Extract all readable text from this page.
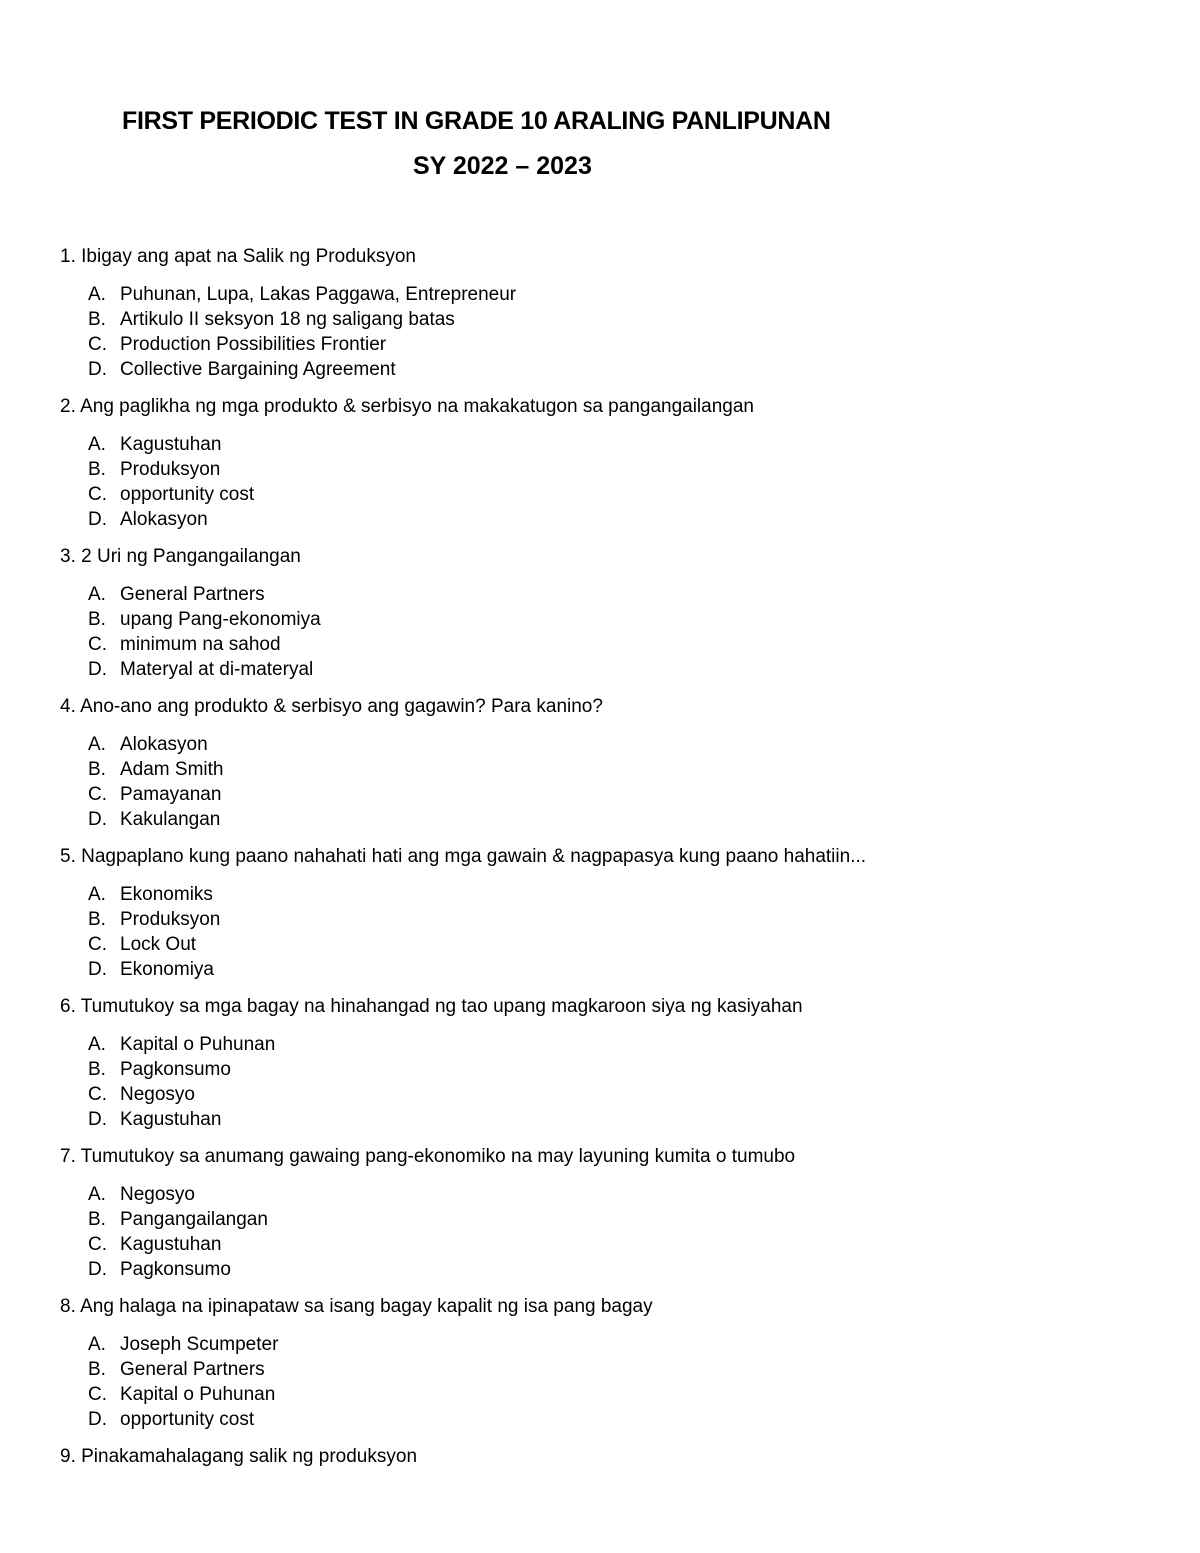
FIRST PERIODIC TEST IN GRADE 10 ARALING PANLIPUNAN
SY 2022 – 2023
1. Ibigay ang apat na Salik ng Produksyon
A. Puhunan, Lupa, Lakas Paggawa, Entrepreneur
B. Artikulo II seksyon 18 ng saligang batas
C. Production Possibilities Frontier
D. Collective Bargaining Agreement
2. Ang paglikha ng mga produkto & serbisyo na makakatugon sa pangangailangan
A. Kagustuhan
B. Produksyon
C. opportunity cost
D. Alokasyon
3. 2 Uri ng Pangangailangan
A. General Partners
B. upang Pang-ekonomiya
C. minimum na sahod
D. Materyal at di-materyal
4. Ano-ano ang produkto & serbisyo ang gagawin? Para kanino?
A. Alokasyon
B. Adam Smith
C. Pamayanan
D. Kakulangan
5. Nagpaplano kung paano nahahati hati ang mga gawain & nagpapasya kung paano hahatiin...
A. Ekonomiks
B. Produksyon
C. Lock Out
D. Ekonomiya
6. Tumutukoy sa mga bagay na hinahangad ng tao upang magkaroon siya ng kasiyahan
A. Kapital o Puhunan
B. Pagkonsumo
C. Negosyo
D. Kagustuhan
7. Tumutukoy sa anumang gawaing pang-ekonomiko na may layuning kumita o tumubo
A. Negosyo
B. Pangangailangan
C. Kagustuhan
D. Pagkonsumo
8. Ang halaga na ipinapataw sa isang bagay kapalit ng isa pang bagay
A. Joseph Scumpeter
B. General Partners
C. Kapital o Puhunan
D. opportunity cost
9. Pinakamahalagang salik ng produksyon
